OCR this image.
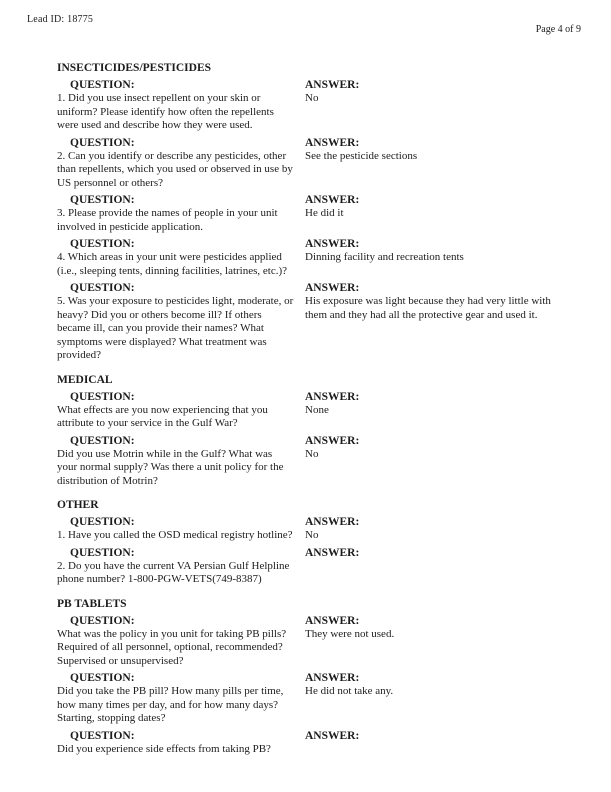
Lead ID: 18775
Page 4 of 9
INSECTICIDES/PESTICIDES
QUESTION:
1. Did you use insect repellent on your skin or uniform? Please identify how often the repellents were used and describe how they were used.
ANSWER:
No
QUESTION:
2. Can you identify or describe any pesticides, other than repellents, which you used or observed in use by US personnel or others?
ANSWER:
See the pesticide sections
QUESTION:
3. Please provide the names of people in your unit involved in pesticide application.
ANSWER:
He did it
QUESTION:
4. Which areas in your unit were pesticides applied (i.e., sleeping tents, dinning facilities, latrines, etc.)?
ANSWER:
Dinning facility and recreation tents
QUESTION:
5. Was your exposure to pesticides light, moderate, or heavy? Did you or others become ill? If others became ill, can you provide their names? What symptoms were displayed? What treatment was provided?
ANSWER:
His exposure was light because they had very little with them and they had all the protective gear and used it.
MEDICAL
QUESTION:
What effects are you now experiencing that you attribute to your service in the Gulf War?
ANSWER:
None
QUESTION:
Did you use Motrin while in the Gulf? What was your normal supply? Was there a unit policy for the distribution of Motrin?
ANSWER:
No
OTHER
QUESTION:
1. Have you called the OSD medical registry hotline?
ANSWER:
No
QUESTION:
2. Do you have the current VA Persian Gulf Helpline phone number? 1-800-PGW-VETS(749-8387)
ANSWER:
PB TABLETS
QUESTION:
What was the policy in you unit for taking PB pills? Required of all personnel, optional, recommended? Supervised or unsupervised?
ANSWER:
They were not used.
QUESTION:
Did you take the PB pill? How many pills per time, how many times per day, and for how many days? Starting, stopping dates?
ANSWER:
He did not take any.
QUESTION:
Did you experience side effects from taking PB?
ANSWER:
